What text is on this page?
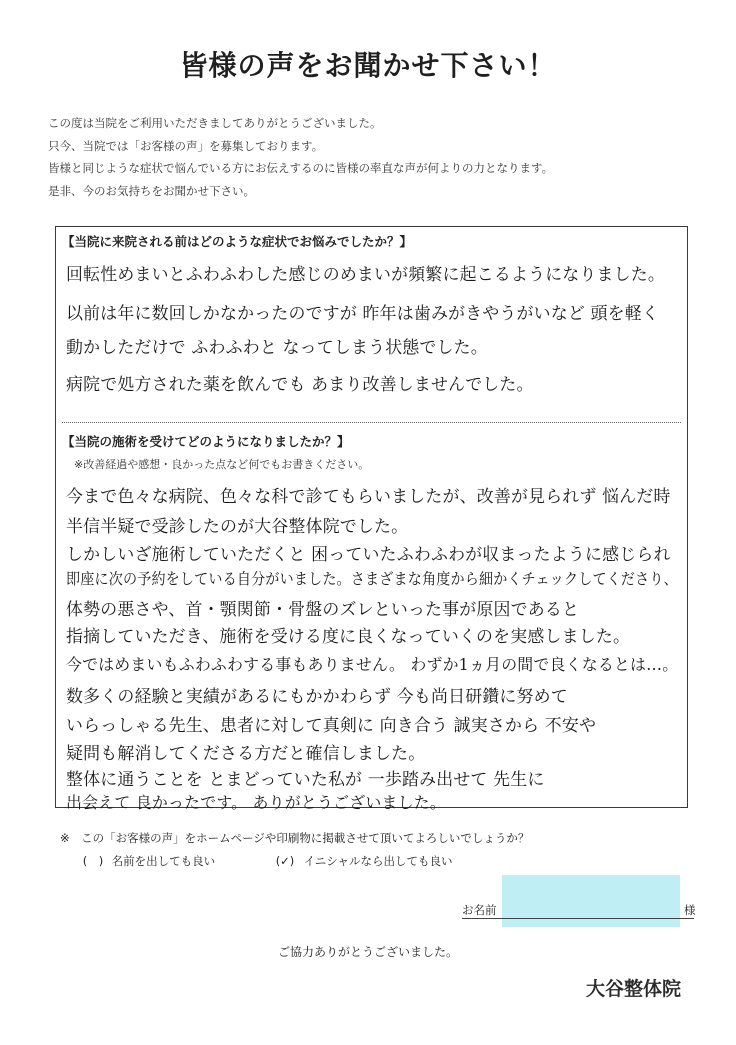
皆様の声をお聞かせ下さい！
この度は当院をご利用いただきましてありがとうございました。
只今、当院では「お客様の声」を募集しております。
皆様と同じような症状で悩んでいる方にお伝えするのに皆様の率直な声が何よりの力となります。
是非、今のお気持ちをお聞かせ下さい。
【当院に来院される前はどのような症状でお悩みでしたか？】
回転性めまいとふわふわした感じのめまいが頻繁に起こるようになりました。
以前は年に数回しかなかったのですが 昨年は歯みがきやうがいなど 頭を軽く
動かしただけで ふわふわと なってしまう状態でした。
病院で処方された薬を飲んでも あまり改善しませんでした。
【当院の施術を受けてどのようになりましたか？】
※改善経過や感想・良かった点など何でもお書きください。
今まで色々な病院、色々な科で診てもらいましたが、改善が見られず 悩んだ時
半信半疑で受診したのが大谷整体院でした。
しかしいざ施術していただくと 困っていたふわふわが収まったように感じられ
即座に次の予約をしている自分がいました。さまざまな角度から細かくチェックしてくださり、
体勢の悪さや、首・顎関節・骨盤のズレといった事が原因であると
指摘していただき、施術を受ける度に良くなっていくのを実感しました。
今ではめまいもふわふわする事もありません。 わずか1ヵ月の間で良くなるとは…。
数多くの経験と実績があるにもかかわらず 今も尚日研鑽に努めて
いらっしゃる先生、患者に対して真剣に 向き合う 誠実さから 不安や
疑問も解消してくださる方だと確信しました。
整体に通うことを とまどっていた私が 一歩踏み出せて 先生に
出会えて 良かったです。 ありがとうございました。
※　この「お客様の声」をホームページや印刷物に掲載させて頂いてよろしいでしょうか？
(　) 名前を出しても良い	(✓) イニシャルなら出しても良い
お名前	様
ご協力ありがとうございました。
大谷整体院
